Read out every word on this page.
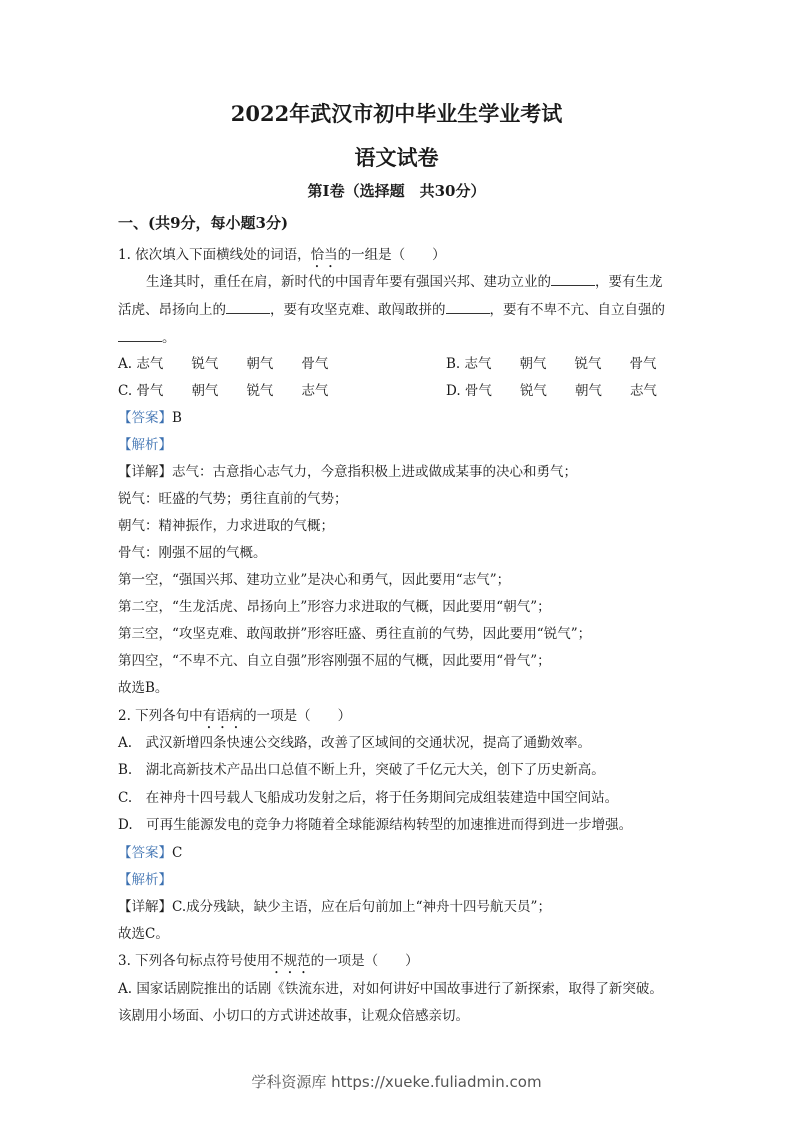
2022年武汉市初中毕业生学业考试
语文试卷
第Ⅰ卷（选择题　共30分）
一、(共9分，每小题3分)
1. 依次填入下面横线处的词语，恰当的一组是（　　）
生逢其时，重任在肩，新时代的中国青年要有强国兴邦、建功立业的	，要有生龙
活虎、昂扬向上的	，要有攻坚克难、敢闯敢拼的	，要有不卑不亢、自立自强的
。
A. 志气 锐气 朝气 骨气	B. 志气 朝气 锐气 骨气
C. 骨气 朝气 锐气 志气	D. 骨气 锐气 朝气 志气
【答案】B
【解析】
【详解】志气：古意指心志气力，今意指积极上进或做成某事的决心和勇气；
锐气：旺盛的气势；勇往直前的气势；
朝气：精神振作，力求进取的气概；
骨气：刚强不屈的气概。
第一空，“强国兴邦、建功立业”是决心和勇气，因此要用“志气”；
第二空，“生龙活虎、昂扬向上”形容力求进取的气概，因此要用“朝气”；
第三空，“攻坚克难、敢闯敢拼”形容旺盛、勇往直前的气势，因此要用“锐气”；
第四空，“不卑不亢、自立自强”形容刚强不屈的气概，因此要用“骨气”；
故选B。
2. 下列各句中有语病的一项是（　　）
A.　武汉新增四条快速公交线路，改善了区域间的交通状况，提高了通勤效率。
B.　湖北高新技术产品出口总值不断上升，突破了千亿元大关，创下了历史新高。
C.　在神舟十四号载人飞船成功发射之后，将于任务期间完成组装建造中国空间站。
D.　可再生能源发电的竞争力将随着全球能源结构转型的加速推进而得到进一步增强。
【答案】C
【解析】
【详解】C.成分残缺，缺少主语，应在后句前加上“神舟十四号航天员”；
故选C。
3. 下列各句标点符号使用不规范的一项是（　　）
A. 国家话剧院推出的话剧《铁流东进，对如何讲好中国故事进行了新探索，取得了新突破。
该剧用小场面、小切口的方式讲述故事，让观众倍感亲切。
学科资源库 https://xueke.fuliadmin.com
